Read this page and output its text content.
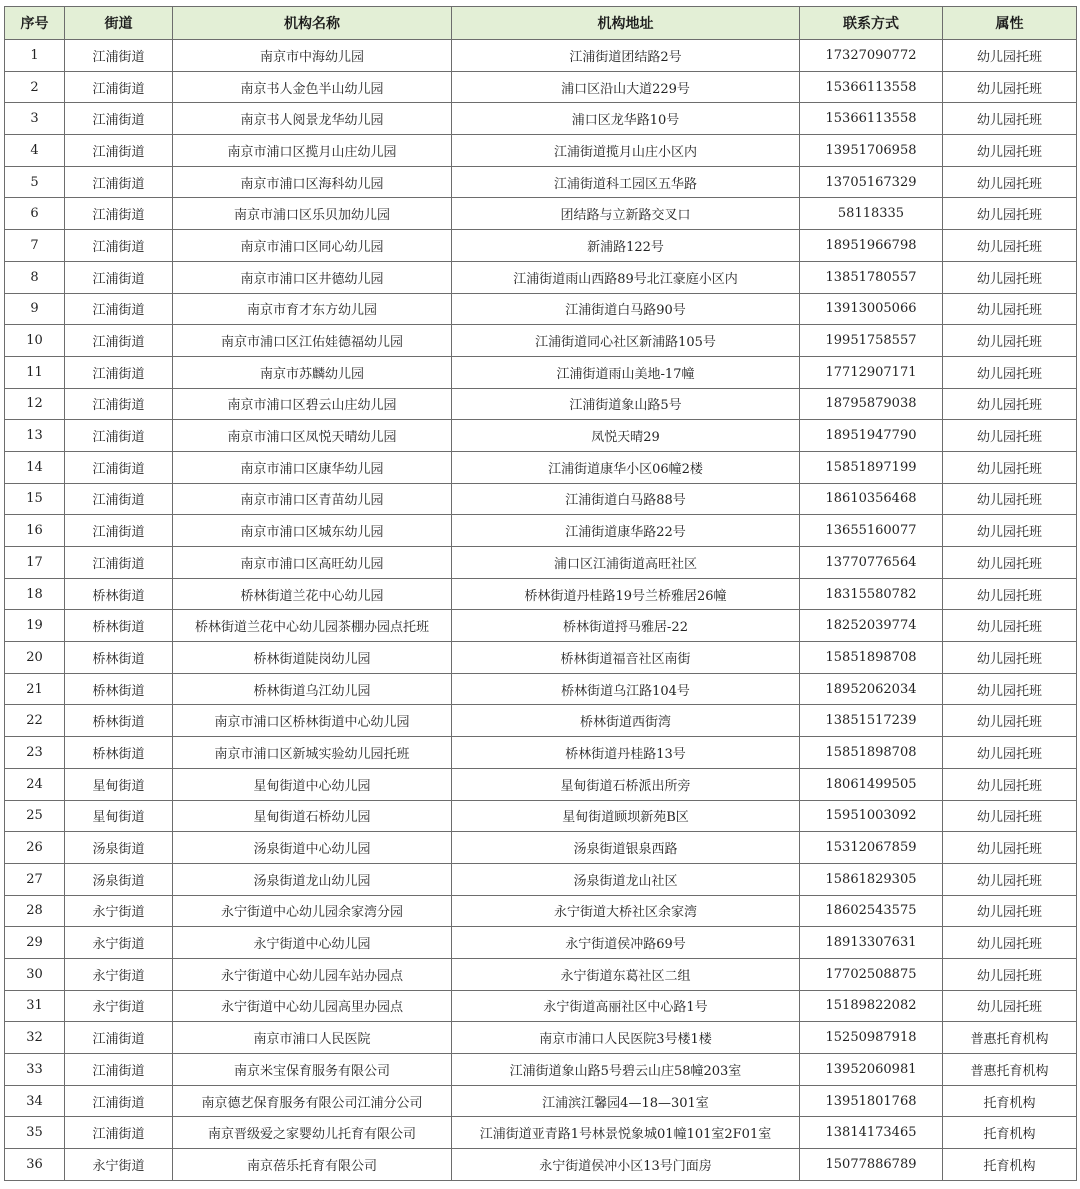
序号	街道	机构名称	机构地址	联系方式	属性
1	江浦街道	南京市中海幼儿园	江浦街道团结路2号	17327090772	幼儿园托班
2	江浦街道	南京书人金色半山幼儿园	浦口区沿山大道229号	15366113558	幼儿园托班
3	江浦街道	南京书人阅景龙华幼儿园	浦口区龙华路10号	15366113558	幼儿园托班
4	江浦街道	南京市浦口区揽月山庄幼儿园	江浦街道揽月山庄小区内	13951706958	幼儿园托班
5	江浦街道	南京市浦口区海科幼儿园	江浦街道科工园区五华路	13705167329	幼儿园托班
6	江浦街道	南京市浦口区乐贝加幼儿园	团结路与立新路交叉口	58118335	幼儿园托班
7	江浦街道	南京市浦口区同心幼儿园	新浦路122号	18951966798	幼儿园托班
8	江浦街道	南京市浦口区井德幼儿园	江浦街道雨山西路89号北江豪庭小区内	13851780557	幼儿园托班
9	江浦街道	南京市育才东方幼儿园	江浦街道白马路90号	13913005066	幼儿园托班
10	江浦街道	南京市浦口区江佑娃德福幼儿园	江浦街道同心社区新浦路105号	19951758557	幼儿园托班
11	江浦街道	南京市苏麟幼儿园	江浦街道雨山美地-17幢	17712907171	幼儿园托班
12	江浦街道	南京市浦口区碧云山庄幼儿园	江浦街道象山路5号	18795879038	幼儿园托班
13	江浦街道	南京市浦口区凤悦天晴幼儿园	凤悦天晴29	18951947790	幼儿园托班
14	江浦街道	南京市浦口区康华幼儿园	江浦街道康华小区06幢2楼	15851897199	幼儿园托班
15	江浦街道	南京市浦口区青苗幼儿园	江浦街道白马路88号	18610356468	幼儿园托班
16	江浦街道	南京市浦口区城东幼儿园	江浦街道康华路22号	13655160077	幼儿园托班
17	江浦街道	南京市浦口区高旺幼儿园	浦口区江浦街道高旺社区	13770776564	幼儿园托班
18	桥林街道	桥林街道兰花中心幼儿园	桥林街道丹桂路19号兰桥雅居26幢	18315580782	幼儿园托班
19	桥林街道	桥林街道兰花中心幼儿园茶棚办园点托班	桥林街道捋马雅居-22	18252039774	幼儿园托班
20	桥林街道	桥林街道陡岗幼儿园	桥林街道福音社区南街	15851898708	幼儿园托班
21	桥林街道	桥林街道乌江幼儿园	桥林街道乌江路104号	18952062034	幼儿园托班
22	桥林街道	南京市浦口区桥林街道中心幼儿园	桥林街道西街湾	13851517239	幼儿园托班
23	桥林街道	南京市浦口区新城实验幼儿园托班	桥林街道丹桂路13号	15851898708	幼儿园托班
24	星甸街道	星甸街道中心幼儿园	星甸街道石桥派出所旁	18061499505	幼儿园托班
25	星甸街道	星甸街道石桥幼儿园	星甸街道顾坝新苑B区	15951003092	幼儿园托班
26	汤泉街道	汤泉街道中心幼儿园	汤泉街道银泉西路	15312067859	幼儿园托班
27	汤泉街道	汤泉街道龙山幼儿园	汤泉街道龙山社区	15861829305	幼儿园托班
28	永宁街道	永宁街道中心幼儿园余家湾分园	永宁街道大桥社区余家湾	18602543575	幼儿园托班
29	永宁街道	永宁街道中心幼儿园	永宁街道侯冲路69号	18913307631	幼儿园托班
30	永宁街道	永宁街道中心幼儿园车站办园点	永宁街道东葛社区二组	17702508875	幼儿园托班
31	永宁街道	永宁街道中心幼儿园高里办园点	永宁街道高丽社区中心路1号	15189822082	幼儿园托班
32	江浦街道	南京市浦口人民医院	南京市浦口人民医院3号楼1楼	15250987918	普惠托育机构
33	江浦街道	南京米宝保育服务有限公司	江浦街道象山路5号碧云山庄58幢203室	13952060981	普惠托育机构
34	江浦街道	南京德艺保育服务有限公司江浦分公司	江浦滨江馨园4—18—301室	13951801768	托育机构
35	江浦街道	南京晋级爱之家婴幼儿托育有限公司	江浦街道亚青路1号林景悦象城01幢101室2F01室	13814173465	托育机构
36	永宁街道	南京蓓乐托育有限公司	永宁街道侯冲小区13号门面房	15077886789	托育机构
